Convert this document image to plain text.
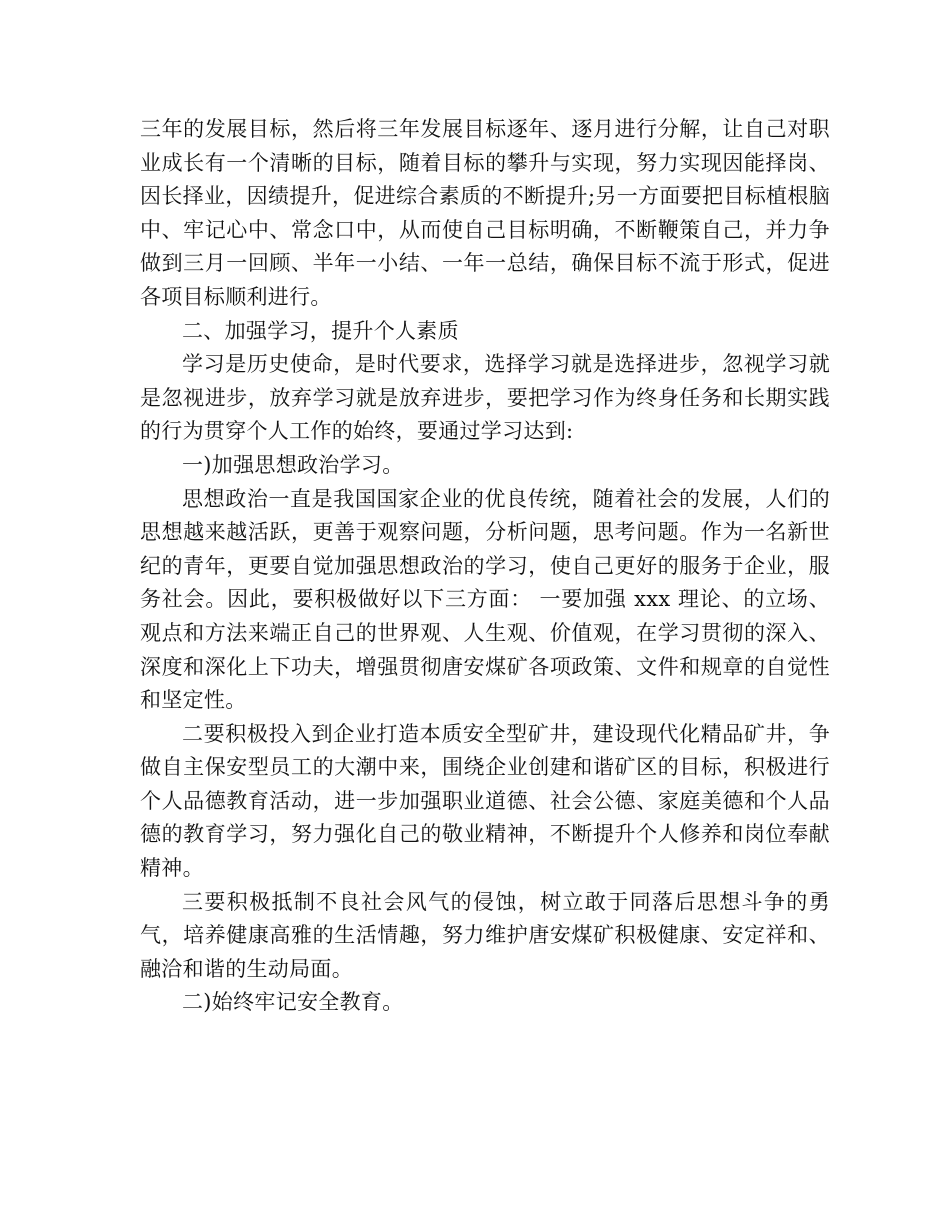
三年的发展目标，然后将三年发展目标逐年、逐月进行分解，让自己对职业成长有一个清晰的目标，随着目标的攀升与实现，努力实现因能择岗、因长择业，因绩提升，促进综合素质的不断提升;另一方面要把目标植根脑中、牢记心中、常念口中，从而使自己目标明确，不断鞭策自己，并力争做到三月一回顾、半年一小结、一年一总结，确保目标不流于形式，促进各项目标顺利进行。

二、加强学习，提升个人素质

学习是历史使命，是时代要求，选择学习就是选择进步，忽视学习就是忽视进步，放弃学习就是放弃进步，要把学习作为终身任务和长期实践的行为贯穿个人工作的始终，要通过学习达到:

一)加强思想政治学习。

思想政治一直是我国国家企业的优良传统，随着社会的发展，人们的思想越来越活跃，更善于观察问题，分析问题，思考问题。作为一名新世纪的青年，更要自觉加强思想政治的学习，使自己更好的服务于企业，服务社会。因此，要积极做好以下三方面： 一要加强 xxx 理论、的立场、观点和方法来端正自己的世界观、人生观、价值观，在学习贯彻的深入、深度和深化上下功夫，增强贯彻唐安煤矿各项政策、文件和规章的自觉性和坚定性。

二要积极投入到企业打造本质安全型矿井，建设现代化精品矿井，争做自主保安型员工的大潮中来，围绕企业创建和谐矿区的目标，积极进行个人品德教育活动，进一步加强职业道德、社会公德、家庭美德和个人品德的教育学习，努力强化自己的敬业精神，不断提升个人修养和岗位奉献精神。

三要积极抵制不良社会风气的侵蚀，树立敢于同落后思想斗争的勇气，培养健康高雅的生活情趣，努力维护唐安煤矿积极健康、安定祥和、融洽和谐的生动局面。

二)始终牢记安全教育。
